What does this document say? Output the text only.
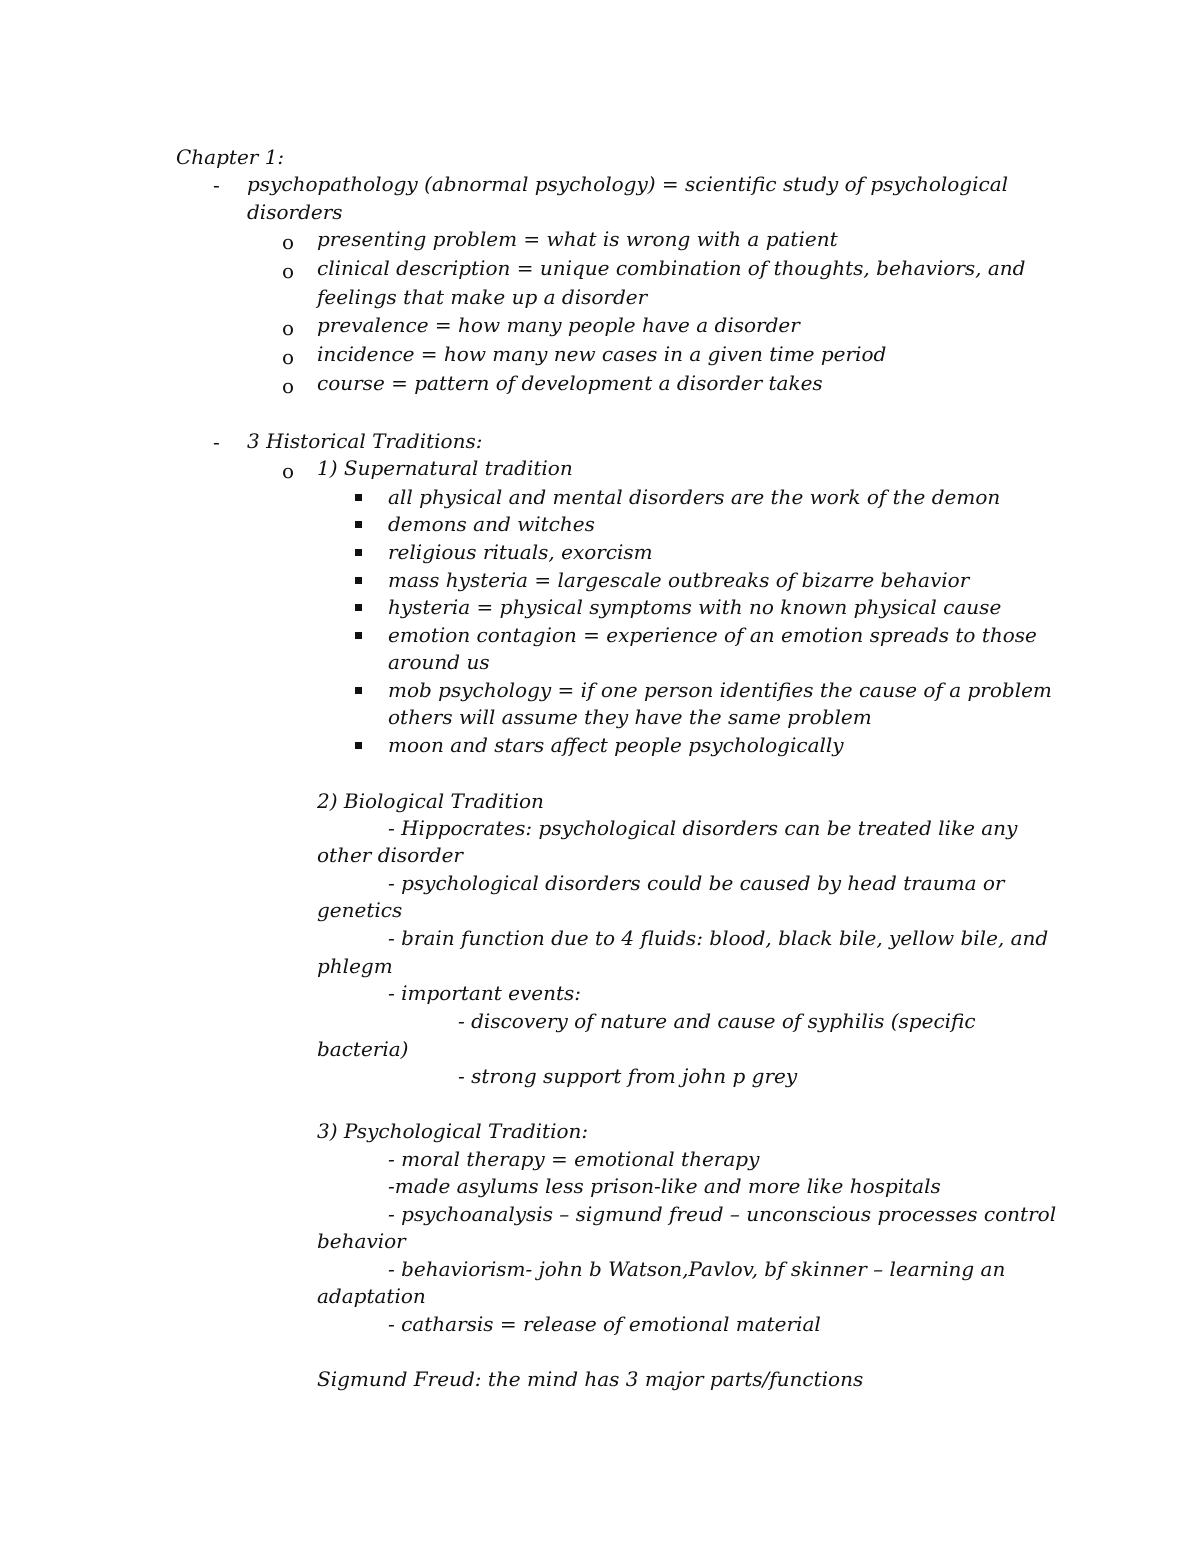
Chapter 1:
- psychopathology (abnormal psychology) = scientific study of psychological
disorders
o presenting problem = what is wrong with a patient
o clinical description = unique combination of thoughts, behaviors, and
feelings that make up a disorder
o prevalence = how many people have a disorder
o incidence = how many new cases in a given time period
o course = pattern of development a disorder takes
- 3 Historical Traditions:
o 1) Supernatural tradition
all physical and mental disorders are the work of the demon
demons and witches
religious rituals, exorcism
mass hysteria = largescale outbreaks of bizarre behavior
hysteria = physical symptoms with no known physical cause
emotion contagion = experience of an emotion spreads to those
around us
mob psychology = if one person identifies the cause of a problem
others will assume they have the same problem
moon and stars affect people psychologically
2) Biological Tradition
- Hippocrates: psychological disorders can be treated like any
other disorder
- psychological disorders could be caused by head trauma or
genetics
- brain function due to 4 fluids: blood, black bile, yellow bile, and
phlegm
- important events:
- discovery of nature and cause of syphilis (specific
bacteria)
- strong support from john p grey
3) Psychological Tradition:
- moral therapy = emotional therapy
-made asylums less prison-like and more like hospitals
- psychoanalysis – sigmund freud – unconscious processes control
behavior
- behaviorism- john b Watson,Pavlov, bf skinner – learning an
adaptation
- catharsis = release of emotional material
Sigmund Freud: the mind has 3 major parts/functions
